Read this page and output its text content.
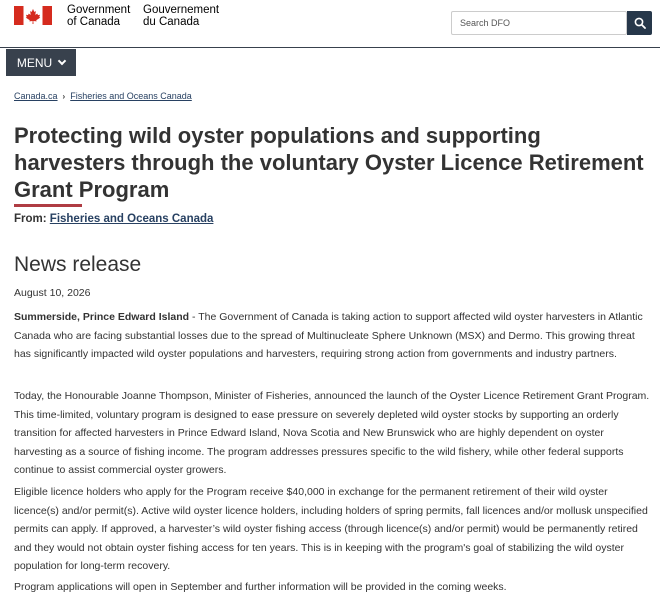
Government
of Canada
Gouvernement
du Canada
Search DFO
MENU
Canada.ca › Fisheries and Oceans Canada
Protecting wild oyster populations and supporting harvesters through the voluntary Oyster Licence Retirement Grant Program
From: Fisheries and Oceans Canada
News release
August 10, 2026

Summerside, Prince Edward Island - The Government of Canada is taking action to support affected wild oyster harvesters in Atlantic Canada who are facing substantial losses due to the spread of Multinucleate Sphere Unknown (MSX) and Dermo. This growing threat has significantly impacted wild oyster populations and harvesters, requiring strong action from governments and industry partners.

Today, the Honourable Joanne Thompson, Minister of Fisheries, announced the launch of the Oyster Licence Retirement Grant Program. This time-limited, voluntary program is designed to ease pressure on severely depleted wild oyster stocks by supporting an orderly transition for affected harvesters in Prince Edward Island, Nova Scotia and New Brunswick who are highly dependent on oyster harvesting as a source of fishing income. The program addresses pressures specific to the wild fishery, while other federal supports continue to assist commercial oyster growers.

Eligible licence holders who apply for the Program receive $40,000 in exchange for the permanent retirement of their wild oyster licence(s) and/or permit(s). Active wild oyster licence holders, including holders of spring permits, fall licences and/or mollusk unspecified permits can apply. If approved, a harvester’s wild oyster fishing access (through licence(s) and/or permit) would be permanently retired and they would not obtain oyster fishing access for ten years. This is in keeping with the program's goal of stabilizing the wild oyster population for long-term recovery.

Program applications will open in September and further information will be provided in the coming weeks.
